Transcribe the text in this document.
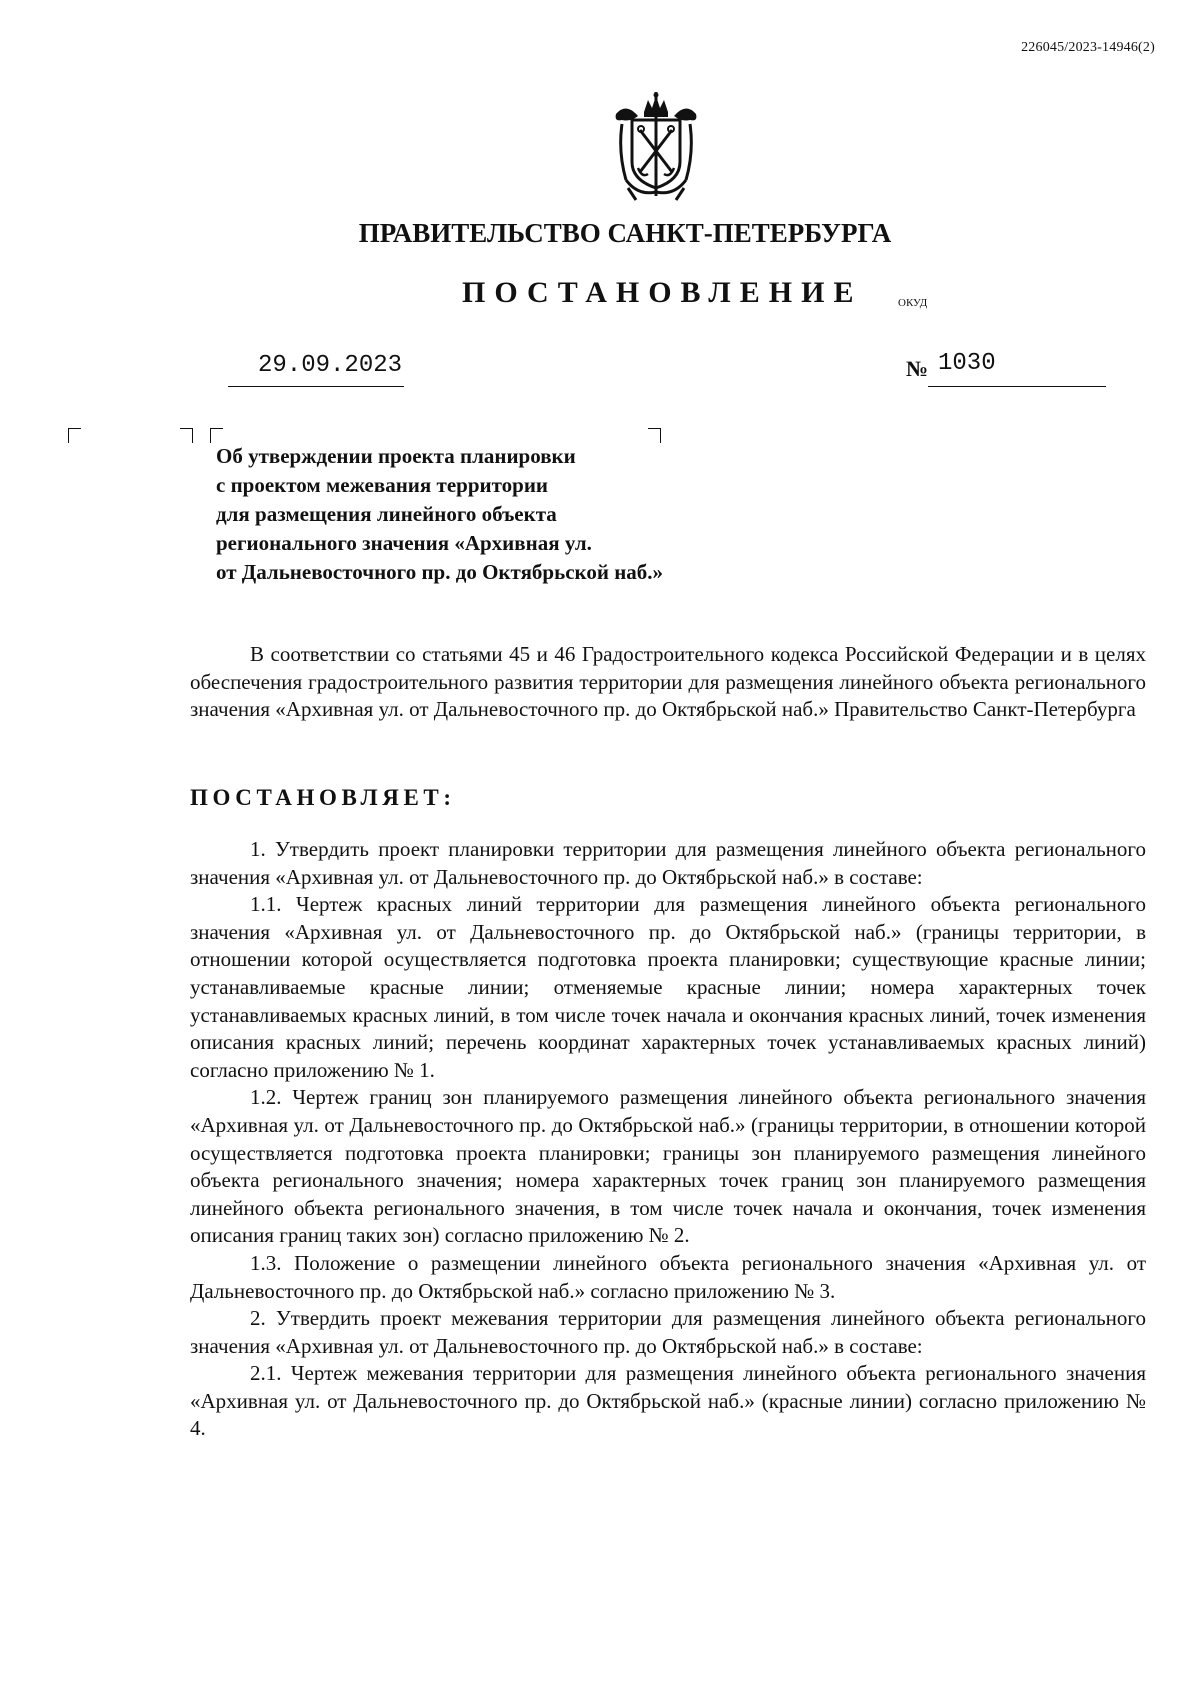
226045/2023-14946(2)
ПРАВИТЕЛЬСТВО САНКТ-ПЕТЕРБУРГА
ПОСТАНОВЛЕНИЕ	ОКУД
29.09.2023	№ 1030
Об утверждении проекта планировки
с проектом межевания территории
для размещения линейного объекта
регионального значения «Архивная ул.
от Дальневосточного пр. до Октябрьской наб.»

В соответствии со статьями 45 и 46 Градостроительного кодекса Российской Федерации и в целях обеспечения градостроительного развития территории для размещения линейного объекта регионального значения «Архивная ул. от Дальневосточного пр. до Октябрьской наб.» Правительство Санкт-Петербурга

ПОСТАНОВЛЯЕТ:

1. Утвердить проект планировки территории для размещения линейного объекта регионального значения «Архивная ул. от Дальневосточного пр. до Октябрьской наб.» в составе:

1.1. Чертеж красных линий территории для размещения линейного объекта регионального значения «Архивная ул. от Дальневосточного пр. до Октябрьской наб.» (границы территории, в отношении которой осуществляется подготовка проекта планировки; существующие красные линии; устанавливаемые красные линии; отменяемые красные линии; номера характерных точек устанавливаемых красных линий, в том числе точек начала и окончания красных линий, точек изменения описания красных линий; перечень координат характерных точек устанавливаемых красных линий) согласно приложению № 1.

1.2. Чертеж границ зон планируемого размещения линейного объекта регионального значения «Архивная ул. от Дальневосточного пр. до Октябрьской наб.» (границы территории, в отношении которой осуществляется подготовка проекта планировки; границы зон планируемого размещения линейного объекта регионального значения; номера характерных точек границ зон планируемого размещения линейного объекта регионального значения, в том числе точек начала и окончания, точек изменения описания границ таких зон) согласно приложению № 2.

1.3. Положение о размещении линейного объекта регионального значения «Архивная ул. от Дальневосточного пр. до Октябрьской наб.» согласно приложению № 3.

2. Утвердить проект межевания территории для размещения линейного объекта регионального значения «Архивная ул. от Дальневосточного пр. до Октябрьской наб.» в составе:

2.1. Чертеж межевания территории для размещения линейного объекта регионального значения «Архивная ул. от Дальневосточного пр. до Октябрьской наб.» (красные линии) согласно приложению № 4.
